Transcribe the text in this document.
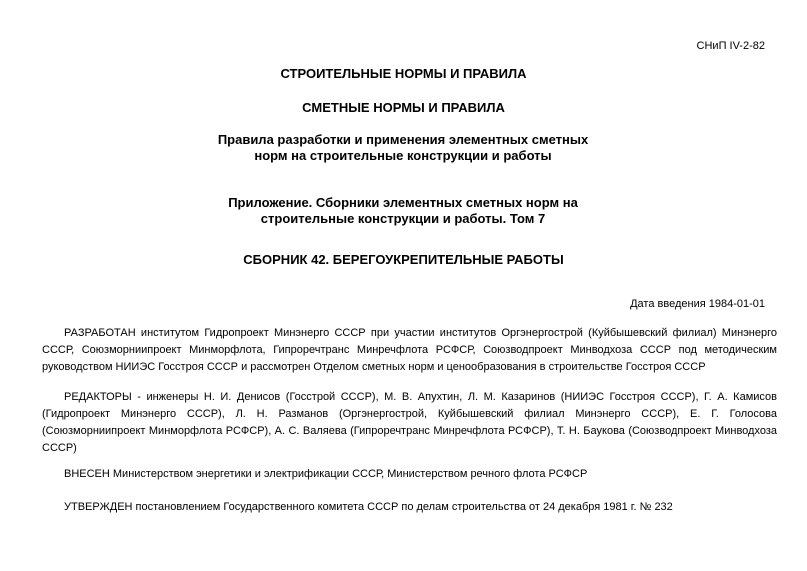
СНиП IV-2-82
СТРОИТЕЛЬНЫЕ НОРМЫ И ПРАВИЛА
СМЕТНЫЕ НОРМЫ И ПРАВИЛА
Правила разработки и применения элементных сметных норм на строительные конструкции и работы
Приложение. Сборники элементных сметных норм на строительные конструкции и работы. Том 7
СБОРНИК 42. БЕРЕГОУКРЕПИТЕЛЬНЫЕ РАБОТЫ
Дата введения 1984-01-01
РАЗРАБОТАН институтом Гидропроект Минэнерго СССР при участии институтов Оргэнергострой (Куйбышевский филиал) Минэнерго СССР, Союзморниипроект Минморфлота, Гипроречтранс Минречфлота РСФСР, Союзводпроект Минводхоза СССР под методическим руководством НИИЭС Госстроя СССР и рассмотрен Отделом сметных норм и ценообразования в строительстве Госстроя СССР
РЕДАКТОРЫ - инженеры Н. И. Денисов (Госстрой СССР), М. В. Апухтин, Л. М. Казаринов (НИИЭС Госстроя СССР), Г. А. Камисов (Гидропроект Минэнерго СССР), Л. Н. Разманов (Оргэнергострой, Куйбышевский филиал Минэнерго СССР), Е. Г. Голосова (Союзморниипроект Минморфлота РСФСР), А. С. Валяева (Гипроречтранс Минречфлота РСФСР), Т. Н. Баукова (Союзводпроект Минводхоза СССР)
ВНЕСЕН Министерством энергетики и электрификации СССР, Министерством речного флота РСФСР
УТВЕРЖДЕН постановлением Государственного комитета СССР по делам строительства от 24 декабря 1981 г. № 232
